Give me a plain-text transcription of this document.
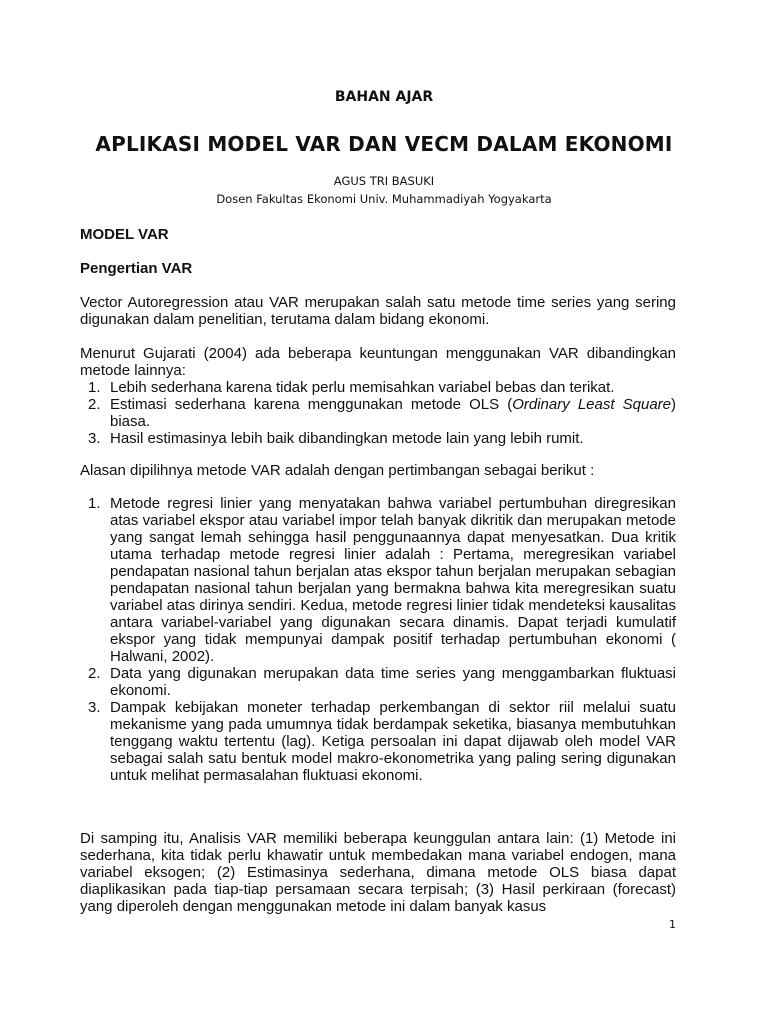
BAHAN AJAR
APLIKASI MODEL VAR DAN VECM DALAM EKONOMI
AGUS TRI BASUKI
Dosen Fakultas Ekonomi Univ. Muhammadiyah Yogyakarta
MODEL VAR
Pengertian VAR
Vector Autoregression atau VAR merupakan salah satu metode time series yang sering digunakan dalam penelitian, terutama dalam bidang ekonomi.
Menurut Gujarati (2004) ada beberapa keuntungan menggunakan VAR dibandingkan metode lainnya:
1. Lebih sederhana karena tidak perlu memisahkan variabel bebas dan terikat.
2. Estimasi sederhana karena menggunakan metode OLS (Ordinary Least Square) biasa.
3. Hasil estimasinya lebih baik dibandingkan metode lain yang lebih rumit.
Alasan dipilihnya metode VAR adalah dengan pertimbangan sebagai berikut :
1. Metode regresi linier yang menyatakan bahwa variabel pertumbuhan diregresikan atas variabel ekspor atau variabel impor telah banyak dikritik dan merupakan metode yang sangat lemah sehingga hasil penggunaannya dapat menyesatkan. Dua kritik utama terhadap metode regresi linier adalah : Pertama, meregresikan variabel pendapatan nasional tahun berjalan atas ekspor tahun berjalan merupakan sebagian pendapatan nasional tahun berjalan yang bermakna bahwa kita meregresikan suatu variabel atas dirinya sendiri. Kedua, metode regresi linier tidak mendeteksi kausalitas antara variabel-variabel yang digunakan secara dinamis. Dapat terjadi kumulatif ekspor yang tidak mempunyai dampak positif terhadap pertumbuhan ekonomi ( Halwani, 2002).
2. Data yang digunakan merupakan data time series yang menggambarkan fluktuasi ekonomi.
3. Dampak kebijakan moneter terhadap perkembangan di sektor riil melalui suatu mekanisme yang pada umumnya tidak berdampak seketika, biasanya membutuhkan tenggang waktu tertentu (lag). Ketiga persoalan ini dapat dijawab oleh model VAR sebagai salah satu bentuk model makro-ekonometrika yang paling sering digunakan untuk melihat permasalahan fluktuasi ekonomi.
Di samping itu, Analisis VAR memiliki beberapa keunggulan antara lain: (1) Metode ini sederhana, kita tidak perlu khawatir untuk membedakan mana variabel endogen, mana variabel eksogen; (2) Estimasinya sederhana, dimana metode OLS biasa dapat diaplikasikan pada tiap-tiap persamaan secara terpisah; (3) Hasil perkiraan (forecast) yang diperoleh dengan menggunakan metode ini dalam banyak kasus
1
